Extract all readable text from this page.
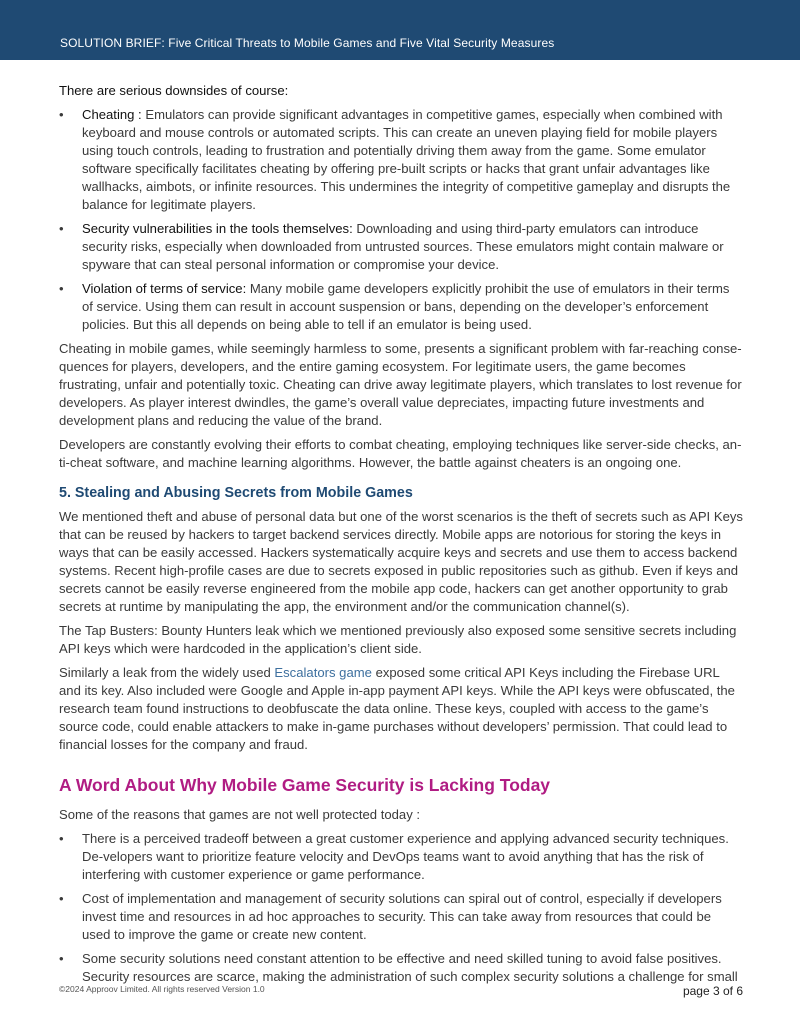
SOLUTION BRIEF: Five Critical Threats to Mobile Games and Five Vital Security Measures

There are serious downsides of course:

• Cheating : Emulators can provide significant advantages in competitive games, especially when combined with keyboard and mouse controls or automated scripts. This can create an uneven playing field for mobile players using touch controls, leading to frustration and potentially driving them away from the game. Some emulator software specifically facilitates cheating by offering pre-built scripts or hacks that grant unfair advantages like wallhacks, aimbots, or infinite resources. This undermines the integrity of competitive gameplay and disrupts the balance for legitimate players.
• Security vulnerabilities in the tools themselves: Downloading and using third-party emulators can introduce security risks, especially when downloaded from untrusted sources. These emulators might contain malware or spyware that can steal personal information or compromise your device.
• Violation of terms of service: Many mobile game developers explicitly prohibit the use of emulators in their terms of service. Using them can result in account suspension or bans, depending on the developer’s enforcement policies. But this all depends on being able to tell if an emulator is being used.

Cheating in mobile games, while seemingly harmless to some, presents a significant problem with far-reaching conse-quences for players, developers, and the entire gaming ecosystem. For legitimate users, the game becomes frustrating, unfair and potentially toxic. Cheating can drive away legitimate players, which translates to lost revenue for developers. As player interest dwindles, the game’s overall value depreciates, impacting future investments and development plans and reducing the value of the brand.

Developers are constantly evolving their efforts to combat cheating, employing techniques like server-side checks, an-ti-cheat software, and machine learning algorithms. However, the battle against cheaters is an ongoing one.

5. Stealing and Abusing Secrets from Mobile Games

We mentioned theft and abuse of personal data but one of the worst scenarios is the theft of secrets such as API Keys that can be reused by hackers to target backend services directly. Mobile apps are notorious for storing the keys in ways that can be easily accessed. Hackers systematically acquire keys and secrets and use them to access backend systems. Recent high-profile cases are due to secrets exposed in public repositories such as github. Even if keys and secrets cannot be easily reverse engineered from the mobile app code, hackers can get another opportunity to grab secrets at runtime by manipulating the app, the environment and/or the communication channel(s).

The Tap Busters: Bounty Hunters leak which we mentioned previously also exposed some sensitive secrets including API keys which were hardcoded in the application’s client side.

Similarly a leak from the widely used Escalators game exposed some critical API Keys including the Firebase URL and its key. Also included were Google and Apple in-app payment API keys. While the API keys were obfuscated, the research team found instructions to deobfuscate the data online. These keys, coupled with access to the game’s source code, could enable attackers to make in-game purchases without developers’ permission. That could lead to financial losses for the company and fraud.

A Word About Why Mobile Game Security is Lacking Today

Some of the reasons that games are not well protected today :

• There is a perceived tradeoff between a great customer experience and applying advanced security techniques. De-velopers want to prioritize feature velocity and DevOps teams want to avoid anything that has the risk of interfering with customer experience or game performance.
• Cost of implementation and management of security solutions can spiral out of control, especially if developers invest time and resources in ad hoc approaches to security. This can take away from resources that could be used to improve the game or create new content.
• Some security solutions need constant attention to be effective and need skilled tuning to avoid false positives. Security resources are scarce, making the administration of such complex security solutions a challenge for small
©2024 Approov Limited. All rights reserved Version 1.0	page 3 of 6
